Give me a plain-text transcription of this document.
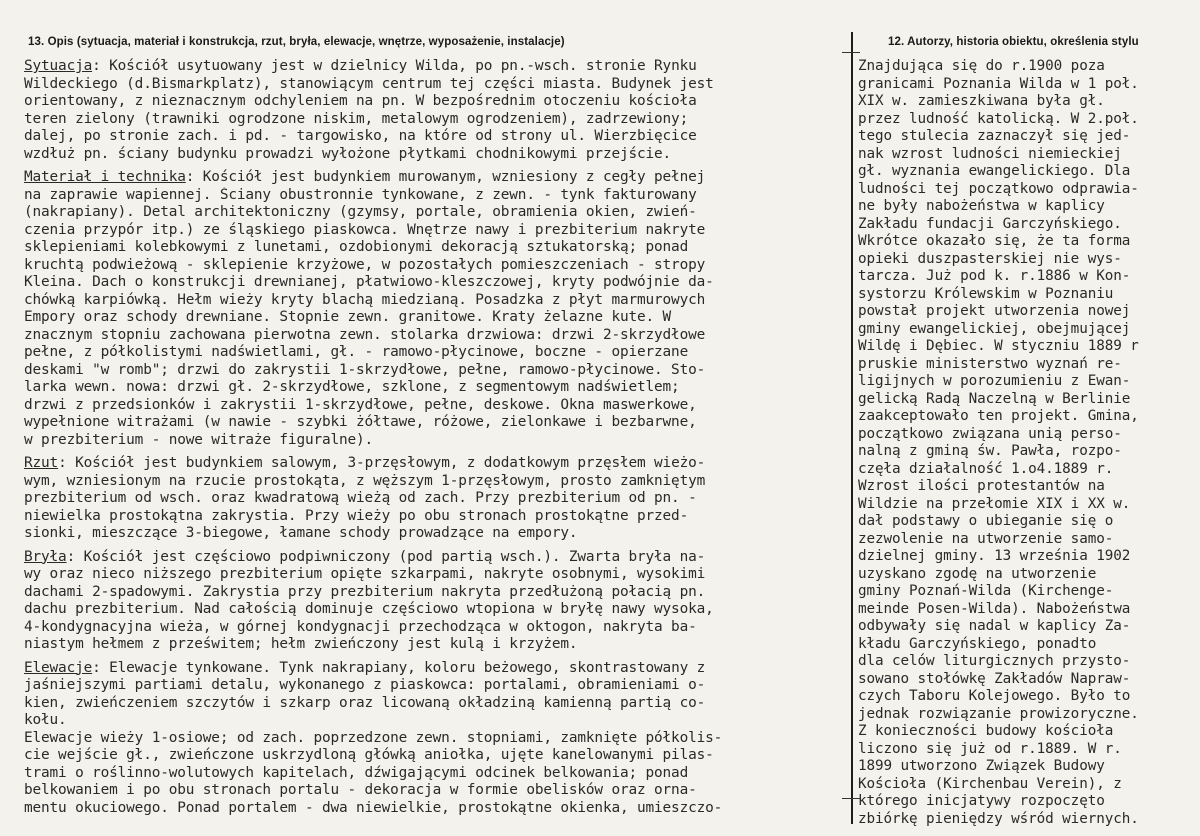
13. Opis (sytuacja, materiał i konstrukcja, rzut, bryła, elewacje, wnętrze, wyposażenie, instalacje)	12. Autorzy, historia obiektu, określenia stylu
Sytuacja: Kościół usytuowany jest w dzielnicy Wilda, po pn.-wsch. stronie Rynku
Wildeckiego (d.Bismarkplatz), stanowiącym centrum tej części miasta. Budynek jest
orientowany, z nieznacznym odchyleniem na pn. W bezpośrednim otoczeniu kościoła
teren zielony (trawniki ogrodzone niskim, metalowym ogrodzeniem), zadrzewiony;
dalej, po stronie zach. i pd. - targowisko, na które od strony ul. Wierzbięcice
wzdłuż pn. ściany budynku prowadzi wyłożone płytkami chodnikowymi przejście.
Materiał i technika: Kościół jest budynkiem murowanym, wzniesiony z cegły pełnej
na zaprawie wapiennej. Ściany obustronnie tynkowane, z zewn. - tynk fakturowany
(nakrapiany). Detal architektoniczny (gzymsy, portale, obramienia okien, zwień-
czenia przypór itp.) ze śląskiego piaskowca. Wnętrze nawy i prezbiterium nakryte
sklepieniami kolebkowymi z lunetami, ozdobionymi dekoracją sztukatorską; ponad
kruchtą podwieżową - sklepienie krzyżowe, w pozostałych pomieszczeniach - stropy
Kleina. Dach o konstrukcji drewnianej, płatwiowo-kleszczowej, kryty podwójnie da-
chówką karpiówką. Hełm wieży kryty blachą miedzianą. Posadzka z płyt marmurowych
Empory oraz schody drewniane. Stopnie zewn. granitowe. Kraty żelazne kute. W
znacznym stopniu zachowana pierwotna zewn. stolarka drzwiowa: drzwi 2-skrzydłowe
pełne, z półkolistymi nadświetlami, gł. - ramowo-płycinowe, boczne - opierzane
deskami "w romb"; drzwi do zakrystii 1-skrzydłowe, pełne, ramowo-płycinowe. Sto-
larka wewn. nowa: drzwi gł. 2-skrzydłowe, szklone, z segmentowym nadświetlem;
drzwi z przedsionków i zakrystii 1-skrzydłowe, pełne, deskowe. Okna maswerkowe,
wypełnione witrażami (w nawie - szybki żółtawe, różowe, zielonkawe i bezbarwne,
w prezbiterium - nowe witraże figuralne).
Rzut: Kościół jest budynkiem salowym, 3-przęsłowym, z dodatkowym przęsłem wieżo-
wym, wzniesionym na rzucie prostokąta, z węższym 1-przęsłowym, prosto zamkniętym
prezbiterium od wsch. oraz kwadratową wieżą od zach. Przy prezbiterium od pn. -
niewielka prostokątna zakrystia. Przy wieży po obu stronach prostokątne przed-
sionki, mieszczące 3-biegowe, łamane schody prowadzące na empory.
Bryła: Kościół jest częściowo podpiwniczony (pod partią wsch.). Zwarta bryła na-
wy oraz nieco niższego prezbiterium opięte szkarpami, nakryte osobnymi, wysokimi
dachami 2-spadowymi. Zakrystia przy prezbiterium nakryta przedłużoną połacią pn.
dachu prezbiterium. Nad całością dominuje częściowo wtopiona w bryłę nawy wysoka,
4-kondygnacyjna wieża, w górnej kondygnacji przechodząca w oktogon, nakryta ba-
niastym hełmem z prześwitem; hełm zwieńczony jest kulą i krzyżem.
Elewacje: Elewacje tynkowane. Tynk nakrapiany, koloru beżowego, skontrastowany z
jaśniejszymi partiami detalu, wykonanego z piaskowca: portalami, obramieniami o-
kien, zwieńczeniem szczytów i szkarp oraz licowaną okładziną kamienną partią co-
kołu.
Elewacje wieży 1-osiowe; od zach. poprzedzone zewn. stopniami, zamknięte półkolis-
cie wejście gł., zwieńczone uskrzydloną główką aniołka, ujęte kanelowanymi pilas-
trami o roślinno-wolutowych kapitelach, dźwigającymi odcinek belkowania; ponad
belkowaniem i po obu stronach portalu - dekoracja w formie obelisków oraz orna-
mentu okuciowego. Ponad portalem - dwa niewielkie, prostokątne okienka, umieszczo-
Znajdująca się do r.1900 poza
granicami Poznania Wilda w 1 poł.
XIX w. zamieszkiwana była gł.
przez ludność katolicką. W 2.poł.
tego stulecia zaznaczył się jed-
nak wzrost ludności niemieckiej
gł. wyznania ewangelickiego. Dla
ludności tej początkowo odprawia-
ne były nabożeństwa w kaplicy
Zakładu fundacji Garczyńskiego.
Wkrótce okazało się, że ta forma
opieki duszpasterskiej nie wys-
tarcza. Już pod k. r.1886 w Kon-
systorzu Królewskim w Poznaniu
powstał projekt utworzenia nowej
gminy ewangelickiej, obejmującej
Wildę i Dębiec. W styczniu 1889 r
pruskie ministerstwo wyznań re-
ligijnych w porozumieniu z Ewan-
gelicką Radą Naczelną w Berlinie
zaakceptowało ten projekt. Gmina,
początkowo związana unią perso-
nalną z gminą św. Pawła, rozpo-
częła działalność 1.o4.1889 r.
Wzrost ilości protestantów na
Wildzie na przełomie XIX i XX w.
dał podstawy o ubieganie się o
zezwolenie na utworzenie samo-
dzielnej gminy. 13 września 1902
uzyskano zgodę na utworzenie
gminy Poznań-Wilda (Kirchenge-
meinde Posen-Wilda). Nabożeństwa
odbywały się nadal w kaplicy Za-
kładu Garczyńskiego, ponadto
dla celów liturgicznych przysto-
sowano stołówkę Zakładów Napraw-
czych Taboru Kolejowego. Było to
jednak rozwiązanie prowizoryczne.
Z konieczności budowy kościoła
liczono się już od r.1889. W r.
1899 utworzono Związek Budowy
Kościoła (Kirchenbau Verein), z
którego inicjatywy rozpoczęto
zbiórkę pieniędzy wśród wiernych.
